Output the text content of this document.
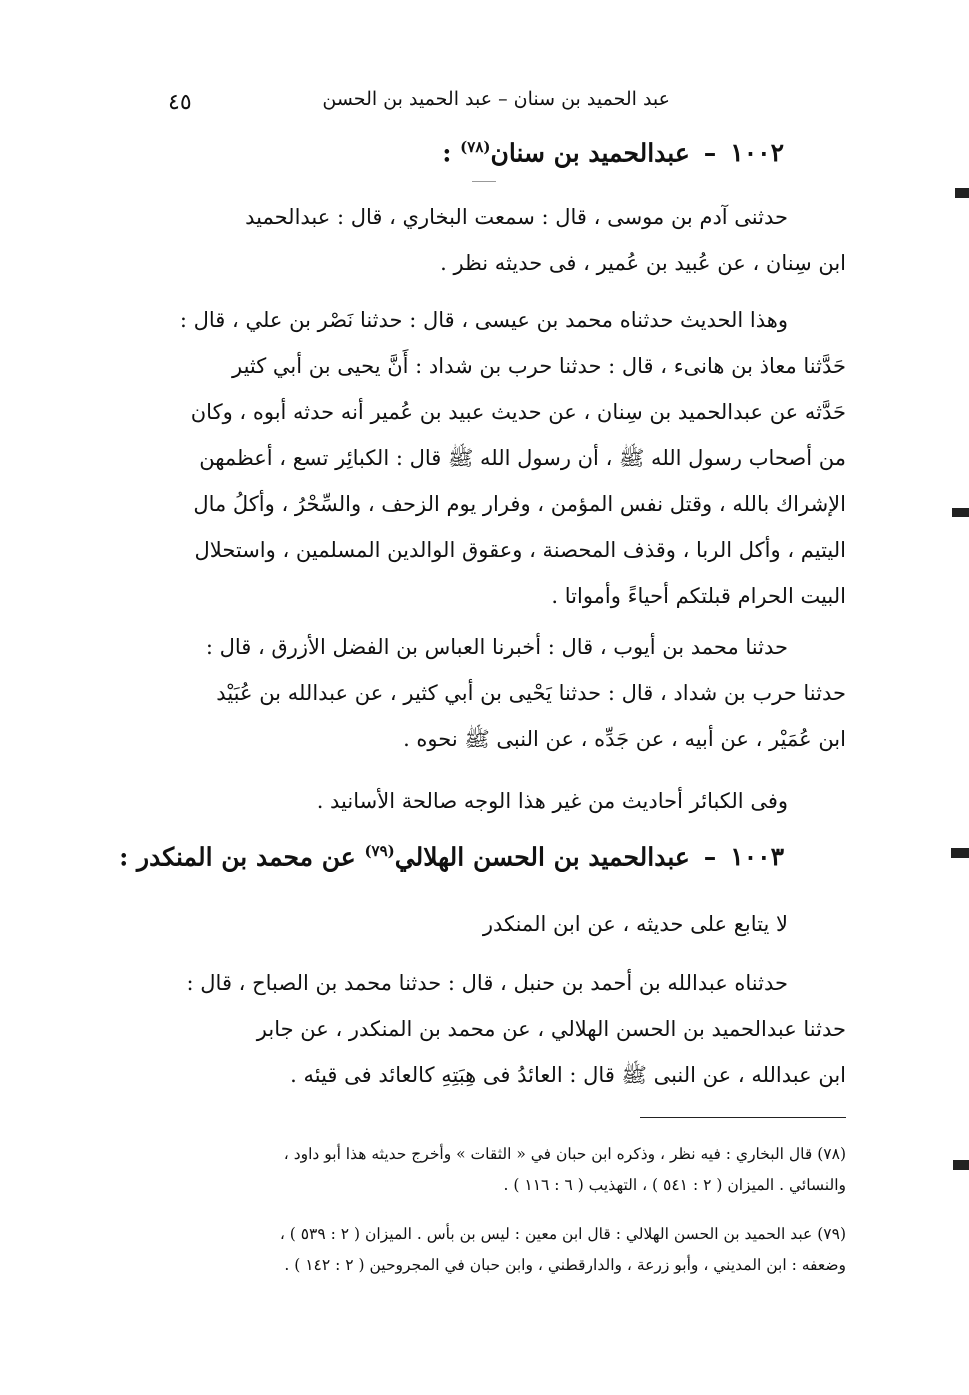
عبد الحميد بن سنان – عبد الحميد بن الحسن
٤٥
١٠٠٢–عبدالحميد بن سنان$^{(٧٨)}$ :
حدثنى آدم بن موسى ، قال : سمعت البخاري ، قال : عبدالحميد
ابن سِنان ، عن عُبيد بن عُمير ، فى حديثه نظر .
وهذا الحديث حدثناه محمد بن عيسى ، قال : حدثنا نَصْر بن علي ، قال :
حَدَّثنا معاذ بن هانىء ، قال : حدثنا حرب بن شداد : أَنَّ يحيى بن أبي كثير
حَدَّثه عن عبدالحميد بن سِنان ، عن حديث عبيد بن عُمير أنه حدثه أبوه ، وكان
من أصحاب رسول الله ﷺ ، أن رسول الله ﷺ قال : الكبائِر تسع ، أعظمهن
الإشراك بالله ، وقتل نفس المؤمن ، وفرار يوم الزحف ، والسِّحْرُ ، وأكلُ مال
اليتيم ، وأكل الربا ، وقذف المحصنة ، وعقوق الوالدين المسلمين ، واستحلال
البيت الحرام قبلتكم أحياءً وأمواتا .
حدثنا محمد بن أيوب ، قال : أخبرنا العباس بن الفضل الأزرق ، قال :
حدثنا حرب بن شداد ، قال : حدثنا يَحْيى بن أبي كثير ، عن عبدالله بن عُبَيْد
ابن عُمَيْر ، عن أبيه ، عن جَدِّه ، عن النبى ﷺ نحوه .
وفى الكبائر أحاديث من غير هذا الوجه صالحة الأسانيد .
١٠٠٣–عبدالحميد بن الحسن الهلالي$^{(٧٩)}$ عن محمد بن المنكدر :
لا يتابع على حديثه ، عن ابن المنكدر
حدثناه عبدالله بن أحمد بن حنبل ، قال : حدثنا محمد بن الصباح ، قال :
حدثنا عبدالحميد بن الحسن الهلالي ، عن محمد بن المنكدر ، عن جابر
ابن عبدالله ، عن النبى ﷺ قال : العائدُ فى هِبَتِهِ كالعائد فى قيئه .
(٧٨) قال البخاري : فيه نظر ، وذكره ابن حبان في « الثقات » وأخرج حديثه هذا أبو داود ،
والنسائي . الميزان ( ٢ : ٥٤١ ) ، التهذيب ( ٦ : ١١٦ ) .
(٧٩) عبد الحميد بن الحسن الهلالي : قال ابن معين : ليس بن بأس . الميزان ( ٢ : ٥٣٩ ) ،
وضعفه : ابن المديني ، وأبو زرعة ، والدارقطني ، وابن حبان في المجروحين ( ٢ : ١٤٢ ) .
